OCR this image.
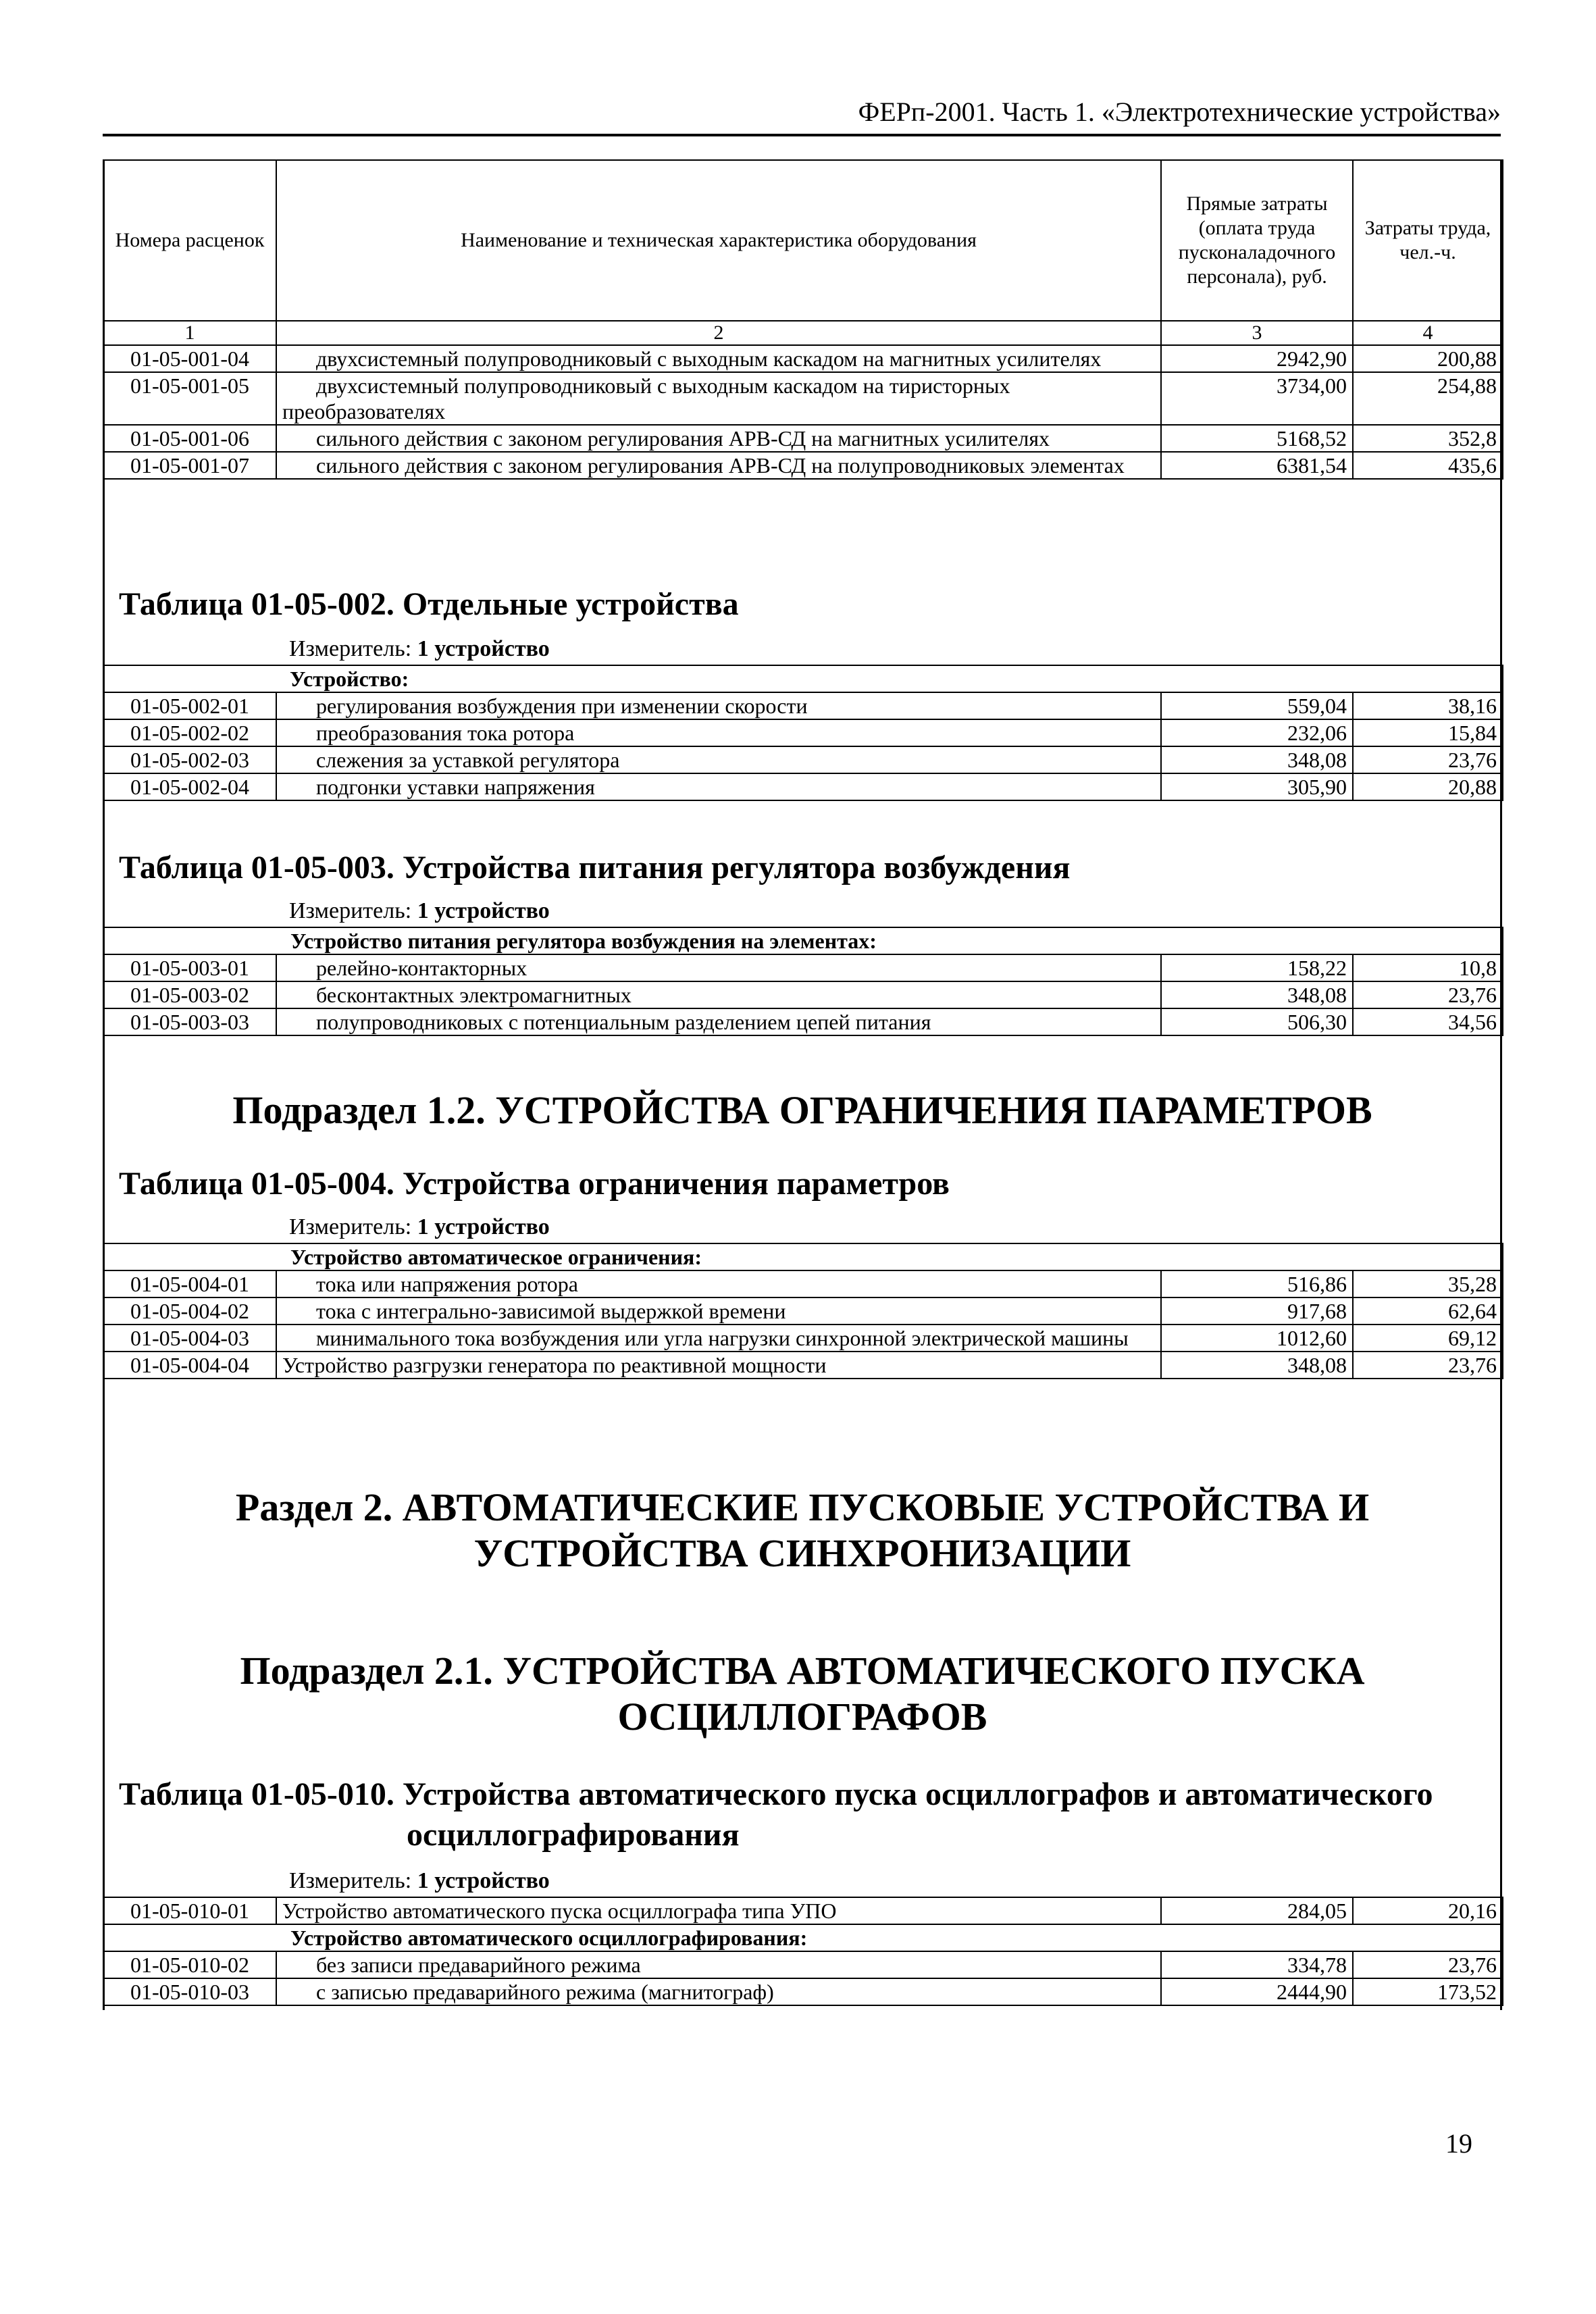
ФЕРп-2001. Часть 1. «Электротехнические устройства»
Номера расценок	Наименование и техническая характеристика оборудования	Прямые затраты (оплата труда пусконаладочного персонала), руб.	Затраты труда, чел.-ч.
1	2	3	4
01-05-001-04	двухсистемный полупроводниковый с выходным каскадом на магнитных усилителях	2942,90	200,88
01-05-001-05	двухсистемный полупроводниковый с выходным каскадом на тиристорных преобразователях	3734,00	254,88
01-05-001-06	сильного действия с законом регулирования АРВ-СД на магнитных усилителях	5168,52	352,8
01-05-001-07	сильного действия с законом регулирования АРВ-СД на полупроводниковых элементах	6381,54	435,6
Таблица 01-05-002. Отдельные устройства
Измеритель: 1 устройство
Устройство:			
01-05-002-01	регулирования возбуждения при изменении скорости	559,04	38,16
01-05-002-02	преобразования тока ротора	232,06	15,84
01-05-002-03	слежения за уставкой регулятора	348,08	23,76
01-05-002-04	подгонки уставки напряжения	305,90	20,88
Таблица 01-05-003. Устройства питания регулятора возбуждения
Измеритель: 1 устройство
Устройство питания регулятора возбуждения на элементах:			
01-05-003-01	релейно-контакторных	158,22	10,8
01-05-003-02	бесконтактных электромагнитных	348,08	23,76
01-05-003-03	полупроводниковых с потенциальным разделением цепей питания	506,30	34,56
Подраздел 1.2. УСТРОЙСТВА ОГРАНИЧЕНИЯ ПАРАМЕТРОВ
Таблица 01-05-004. Устройства ограничения параметров
Измеритель: 1 устройство
Устройство автоматическое ограничения:			
01-05-004-01	тока или напряжения ротора	516,86	35,28
01-05-004-02	тока с интегрально-зависимой выдержкой времени	917,68	62,64
01-05-004-03	минимального тока возбуждения или угла нагрузки синхронной электрической машины	1012,60	69,12
01-05-004-04	Устройство разгрузки генератора по реактивной мощности	348,08	23,76
Раздел 2. АВТОМАТИЧЕСКИЕ ПУСКОВЫЕ УСТРОЙСТВА И
УСТРОЙСТВА СИНХРОНИЗАЦИИ
Подраздел 2.1. УСТРОЙСТВА АВТОМАТИЧЕСКОГО ПУСКА
ОСЦИЛЛОГРАФОВ
Таблица 01-05-010. Устройства автоматического пуска осциллографов и автоматического
осциллографирования
Измеритель: 1 устройство
01-05-010-01	Устройство автоматического пуска осциллографа типа УПО	284,05	20,16
Устройство автоматического осциллографирования:			
01-05-010-02	без записи предаварийного режима	334,78	23,76
01-05-010-03	с записью предаварийного режима (магнитограф)	2444,90	173,52
19
